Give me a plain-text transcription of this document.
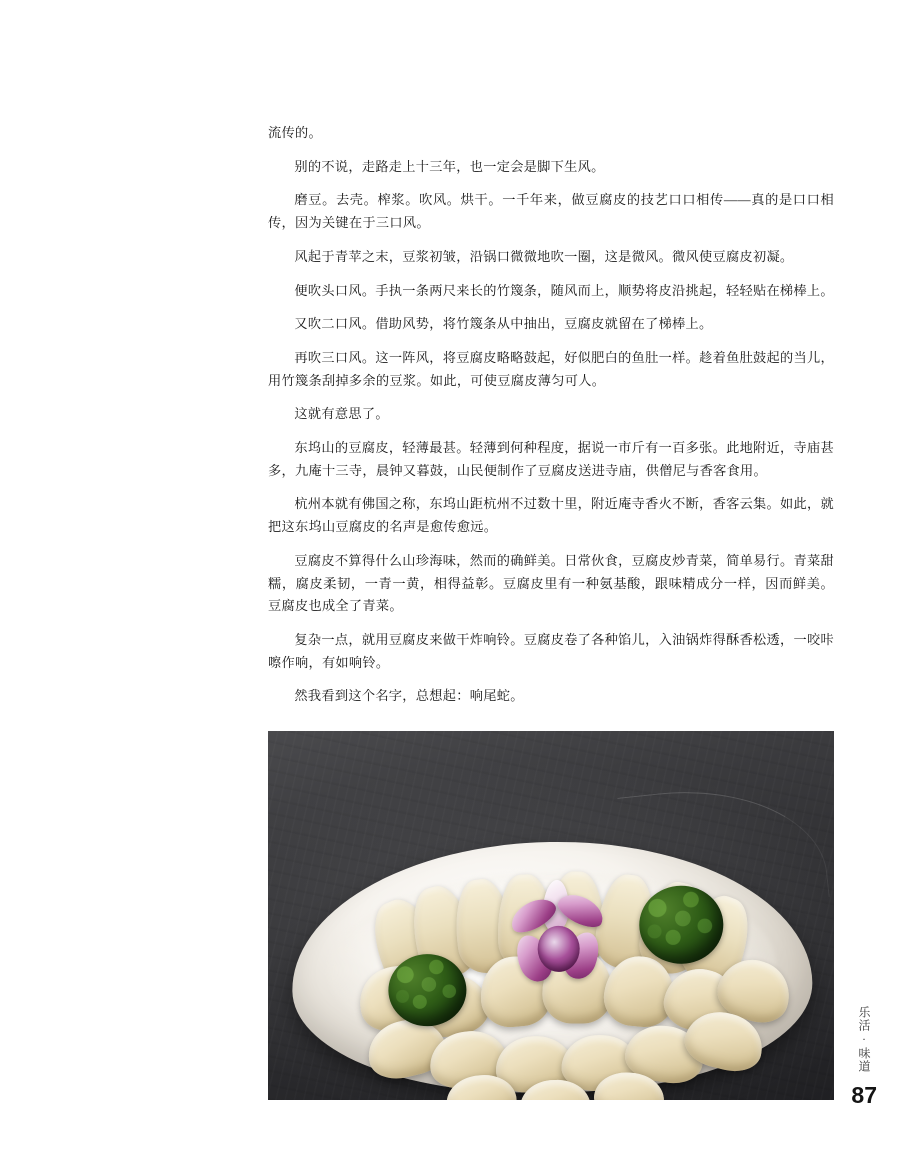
流传的。

别的不说，走路走上十三年，也一定会是脚下生风。

磨豆。去壳。榨浆。吹风。烘干。一千年来，做豆腐皮的技艺口口相传——真的是口口相传，因为关键在于三口风。

风起于青苹之末，豆浆初皱，沿锅口微微地吹一圈，这是微风。微风使豆腐皮初凝。

便吹头口风。手执一条两尺来长的竹篾条，随风而上，顺势将皮沿挑起，轻轻贴在梯棒上。

又吹二口风。借助风势，将竹篾条从中抽出，豆腐皮就留在了梯棒上。

再吹三口风。这一阵风，将豆腐皮略略鼓起，好似肥白的鱼肚一样。趁着鱼肚鼓起的当儿，用竹篾条刮掉多余的豆浆。如此，可使豆腐皮薄匀可人。

这就有意思了。

东坞山的豆腐皮，轻薄最甚。轻薄到何种程度，据说一市斤有一百多张。此地附近，寺庙甚多，九庵十三寺，晨钟又暮鼓，山民便制作了豆腐皮送进寺庙，供僧尼与香客食用。

杭州本就有佛国之称，东坞山距杭州不过数十里，附近庵寺香火不断，香客云集。如此，就把这东坞山豆腐皮的名声是愈传愈远。

豆腐皮不算得什么山珍海味，然而的确鲜美。日常伙食，豆腐皮炒青菜，简单易行。青菜甜糯，腐皮柔韧，一青一黄，相得益彰。豆腐皮里有一种氨基酸，跟味精成分一样，因而鲜美。豆腐皮也成全了青菜。

复杂一点，就用豆腐皮来做干炸响铃。豆腐皮卷了各种馅儿，入油锅炸得酥香松透，一咬咔嚓作响，有如响铃。

然我看到这个名字，总想起：响尾蛇。

乐活·味道
87
